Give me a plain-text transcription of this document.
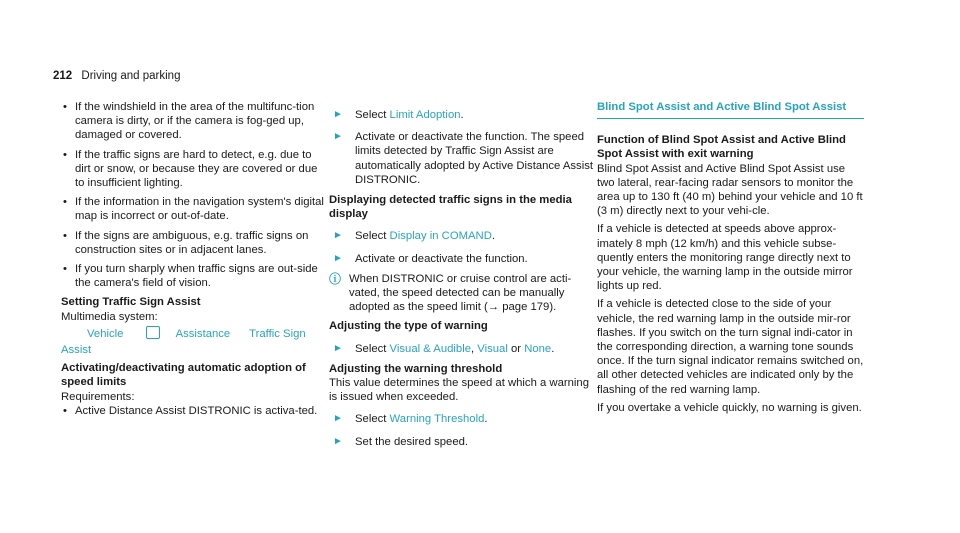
212 Driving and parking
• If the windshield in the area of the multifunc-tion camera is dirty, or if the camera is fog-ged up, damaged or covered.
• If the traffic signs are hard to detect, e.g. due to dirt or snow, or because they are covered or due to insufficient lighting.
• If the information in the navigation system's digital map is incorrect or out-of-date.
• If the signs are ambiguous, e.g. traffic signs on construction sites or in adjacent lanes.
• If you turn sharply when traffic signs are out-side the camera's field of vision.
Setting Traffic Sign Assist
Multimedia system:
Vehicle	Assistance Traffic Sign
Assist
Activating/deactivating automatic adoption of speed limits
Requirements:
• Active Distance Assist DISTRONIC is activa-ted.
► Select Limit Adoption.
► Activate or deactivate the function. The speed limits detected by Traffic Sign Assist are automatically adopted by Active Distance Assist DISTRONIC.
Displaying detected traffic signs in the media display
► Select Display in COMAND.
► Activate or deactivate the function.
ⓘ When DISTRONIC or cruise control are acti-vated, the speed detected can be manually adopted as the speed limit (→ page 179).
Adjusting the type of warning
► Select Visual & Audible, Visual or None.
Adjusting the warning threshold
This value determines the speed at which a warning is issued when exceeded.
► Select Warning Threshold.
► Set the desired speed.
Blind Spot Assist and Active Blind Spot Assist
Function of Blind Spot Assist and Active Blind Spot Assist with exit warning
Blind Spot Assist and Active Blind Spot Assist use two lateral, rear-facing radar sensors to monitor the area up to 130 ft (40 m) behind your vehicle and 10 ft (3 m) directly next to your vehi-cle.
If a vehicle is detected at speeds above approx-imately 8 mph (12 km/h) and this vehicle subse-quently enters the monitoring range directly next to your vehicle, the warning lamp in the outside mirror lights up red.
If a vehicle is detected close to the side of your vehicle, the red warning lamp in the outside mir-ror flashes. If you switch on the turn signal indi-cator in the corresponding direction, a warning tone sounds once. If the turn signal indicator remains switched on, all other detected vehicles are indicated only by the flashing of the red warning lamp.
If you overtake a vehicle quickly, no warning is given.
